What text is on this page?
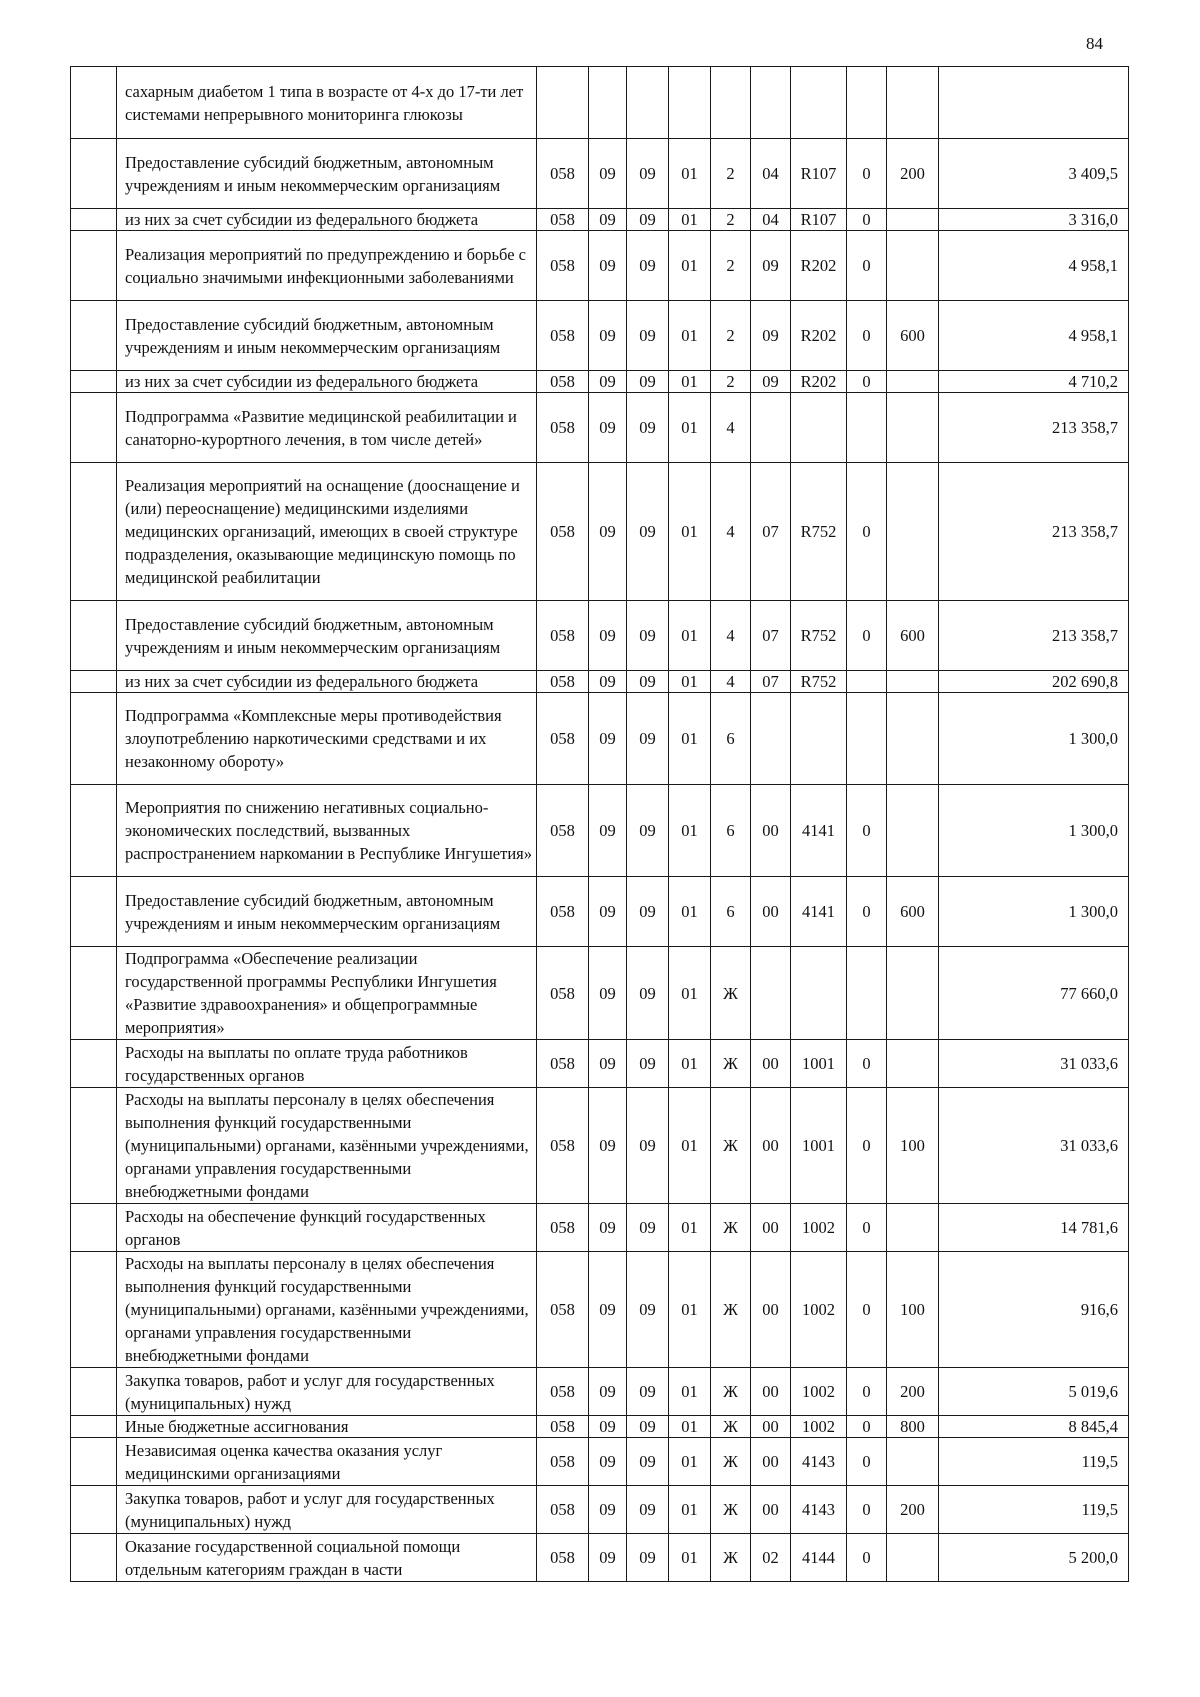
84
	сахарным диабетом 1 типа в возрасте от 4-х до 17-ти лет системами непрерывного мониторинга глюкозы										
	Предоставление субсидий бюджетным, автономным учреждениям и иным некоммерческим организациям	058	09	09	01	2	04	R107	0	200	3 409,5
	из них за счет субсидии из федерального бюджета	058	09	09	01	2	04	R107	0		3 316,0
	Реализация мероприятий по предупреждению и борьбе с социально значимыми инфекционными заболеваниями	058	09	09	01	2	09	R202	0		4 958,1
	Предоставление субсидий бюджетным, автономным учреждениям и иным некоммерческим организациям	058	09	09	01	2	09	R202	0	600	4 958,1
	из них за счет субсидии из федерального бюджета	058	09	09	01	2	09	R202	0		4 710,2
	Подпрограмма «Развитие медицинской реабилитации и санаторно-курортного лечения, в том числе детей»	058	09	09	01	4					213 358,7
	Реализация мероприятий на оснащение (дооснащение и (или) переоснащение) медицинскими изделиями медицинских организаций, имеющих в своей структуре подразделения, оказывающие медицинскую помощь по медицинской реабилитации	058	09	09	01	4	07	R752	0		213 358,7
	Предоставление субсидий бюджетным, автономным учреждениям и иным некоммерческим организациям	058	09	09	01	4	07	R752	0	600	213 358,7
	из них за счет субсидии из федерального бюджета	058	09	09	01	4	07	R752			202 690,8
	Подпрограмма «Комплексные меры противодействия злоупотреблению наркотическими средствами и их незаконному обороту»	058	09	09	01	6					1 300,0
	Мероприятия по снижению негативных социально-экономических последствий, вызванных распространением наркомании в Республике Ингушетия»	058	09	09	01	6	00	4141	0		1 300,0
	Предоставление субсидий бюджетным, автономным учреждениям и иным некоммерческим организациям	058	09	09	01	6	00	4141	0	600	1 300,0
	Подпрограмма «Обеспечение реализации государственной программы Республики Ингушетия «Развитие здравоохранения» и общепрограммные мероприятия»	058	09	09	01	Ж					77 660,0
	Расходы на выплаты по оплате труда работников государственных органов	058	09	09	01	Ж	00	1001	0		31 033,6
	Расходы на выплаты персоналу в целях обеспечения выполнения функций государственными (муниципальными) органами, казёнными учреждениями, органами управления государственными внебюджетными фондами	058	09	09	01	Ж	00	1001	0	100	31 033,6
	Расходы на обеспечение функций государственных органов	058	09	09	01	Ж	00	1002	0		14 781,6
	Расходы на выплаты персоналу в целях обеспечения выполнения функций государственными (муниципальными) органами, казёнными учреждениями, органами управления государственными внебюджетными фондами	058	09	09	01	Ж	00	1002	0	100	916,6
	Закупка товаров, работ и услуг для государственных (муниципальных) нужд	058	09	09	01	Ж	00	1002	0	200	5 019,6
	Иные бюджетные ассигнования	058	09	09	01	Ж	00	1002	0	800	8 845,4
	Независимая оценка качества оказания услуг медицинскими организациями	058	09	09	01	Ж	00	4143	0		119,5
	Закупка товаров, работ и услуг для государственных (муниципальных) нужд	058	09	09	01	Ж	00	4143	0	200	119,5
	Оказание государственной социальной помощи отдельным категориям граждан в части	058	09	09	01	Ж	02	4144	0		5 200,0
